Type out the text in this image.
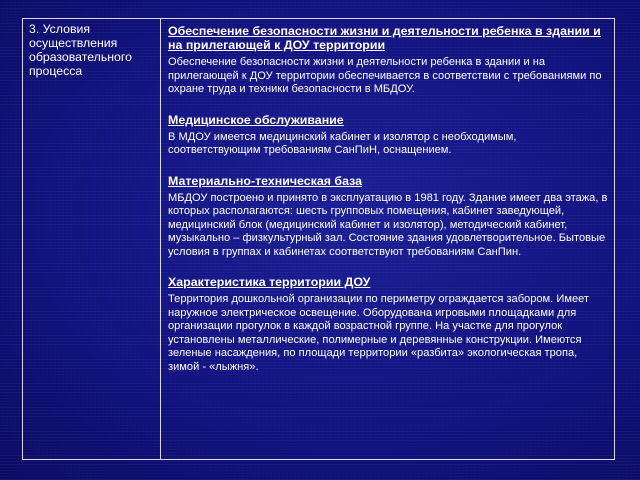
3. Условия осуществления образовательного процесса
Обеспечение безопасности жизни и деятельности ребенка в здании и на прилегающей к ДОУ территории
Обеспечение безопасности жизни и деятельности ребенка в здании и на прилегающей к ДОУ территории обеспечивается в соответствии с требованиями по охране труда и техники безопасности в МБДОУ.
Медицинское обслуживание
В МДОУ имеется медицинский кабинет и изолятор с необходимым, соответствующим требованиям СанПиН, оснащением.
Материально-техническая база
МБДОУ построено и принято в эксплуатацию в 1981 году. Здание имеет два этажа, в которых располагаются: шесть групповых помещения, кабинет заведующей, медицинский блок (медицинский кабинет и изолятор), методический кабинет, музыкально – физкультурный зал. Состояние здания удовлетворительное. Бытовые условия в группах и кабинетах соответствуют требованиям СанПин.
Характеристика территории ДОУ
Территория дошкольной организации по периметру ограждается забором. Имеет наружное электрическое освещение. Оборудована игровыми площадками для организации прогулок в каждой возрастной группе. На участке для прогулок установлены металлические, полимерные и деревянные конструкции. Имеются зеленые насаждения, по площади территории «разбита» экологическая тропа, зимой - «лыжня».
